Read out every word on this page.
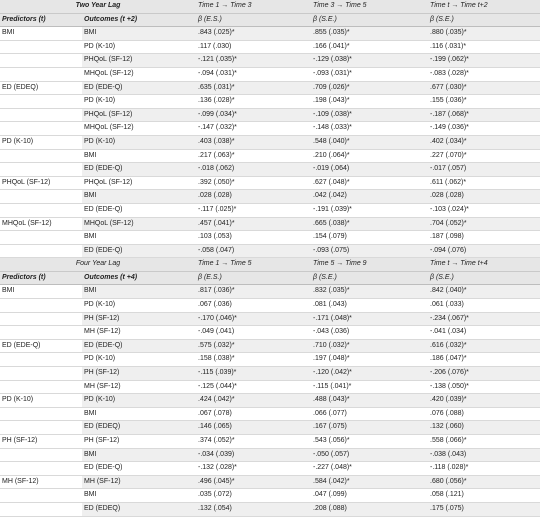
Two Year Lag		Time 1 → Time 3	Time 3 → Time 5	Time t → Time t+2
Predictors (t)	Outcomes (t +2)	β (E.S.)	β (S.E.)	β (S.E.)
BMI	BMI	.843 (.025)*	.855 (.035)*	.880 (.035)*
	PD (K-10)	.117 (.030)	.166 (.041)*	.116 (.031)*
	PHQoL (SF-12)	-.121 (.035)*	-.129 (.038)*	-.199 (.062)*
	MHQoL (SF-12)	-.094 (.031)*	-.093 (.031)*	-.083 (.028)*
ED (EDEQ)	ED (EDE-Q)	.635 (.031)*	.709 (.026)*	.677 (.030)*
	PD (K-10)	.136 (.028)*	.198 (.043)*	.155 (.036)*
	PHQoL (SF-12)	-.099 (.034)*	-.109 (.038)*	-.187 (.068)*
	MHQoL (SF-12)	-.147 (.032)*	-.148 (.033)*	-.149 (.036)*
PD (K-10)	PD (K-10)	.403 (.038)*	.548 (.040)*	.402 (.034)*
	BMI	.217 (.063)*	.210 (.064)*	.227 (.070)*
	ED (EDE-Q)	-.018 (.062)	-.019 (.064)	-.017 (.057)
PHQoL (SF-12)	PHQoL (SF-12)	.392 (.050)*	.627 (.048)*	.611 (.062)*
	BMI	.028 (.028)	.042 (.042)	.028 (.028)
	ED (EDE-Q)	-.117 (.025)*	-.191 (.039)*	-.103 (.024)*
MHQoL (SF-12)	MHQoL (SF-12)	.457 (.041)*	.665 (.038)*	.704 (.052)*
	BMI	.103 (.053)	.154 (.079)	.187 (.098)
	ED (EDE-Q)	-.058 (.047)	-.093 (.075)	-.094 (.076)
Four Year Lag		Time 1 → Time 5	Time 5 → Time 9	Time t → Time t+4
Predictors (t)	Outcomes (t +4)	β (E.S.)	β (S.E.)	β (S.E.)
BMI	BMI	.817 (.036)*	.832 (.035)*	.842 (.040)*
	PD (K-10)	.067 (.036)	.081 (.043)	.061 (.033)
	PH (SF-12)	-.170 (.046)*	-.171 (.048)*	-.234 (.067)*
	MH (SF-12)	-.049 (.041)	-.043 (.036)	-.041 (.034)
ED (EDE-Q)	ED (EDE-Q)	.575 (.032)*	.710 (.032)*	.616 (.032)*
	PD (K-10)	.158 (.038)*	.197 (.048)*	.186 (.047)*
	PH (SF-12)	-.115 (.039)*	-.120 (.042)*	-.206 (.076)*
	MH (SF-12)	-.125 (.044)*	-.115 (.041)*	-.138 (.050)*
PD (K-10)	PD (K-10)	.424 (.042)*	.488 (.043)*	.420 (.039)*
	BMI	.067 (.078)	.066 (.077)	.076 (.088)
	ED (EDEQ)	.146 (.065)	.167 (.075)	.132 (.060)
PH (SF-12)	PH (SF-12)	.374 (.052)*	.543 (.056)*	.558 (.066)*
	BMI	-.034 (.039)	-.050 (.057)	-.038 (.043)
	ED (EDE-Q)	-.132 (.028)*	-.227 (.048)*	-.118 (.028)*
MH (SF-12)	MH (SF-12)	.496 (.045)*	.584 (.042)*	.680 (.056)*
	BMI	.035 (.072)	.047 (.099)	.058 (.121)
	ED (EDEQ)	.132 (.054)	.208 (.088)	.175 (.075)
